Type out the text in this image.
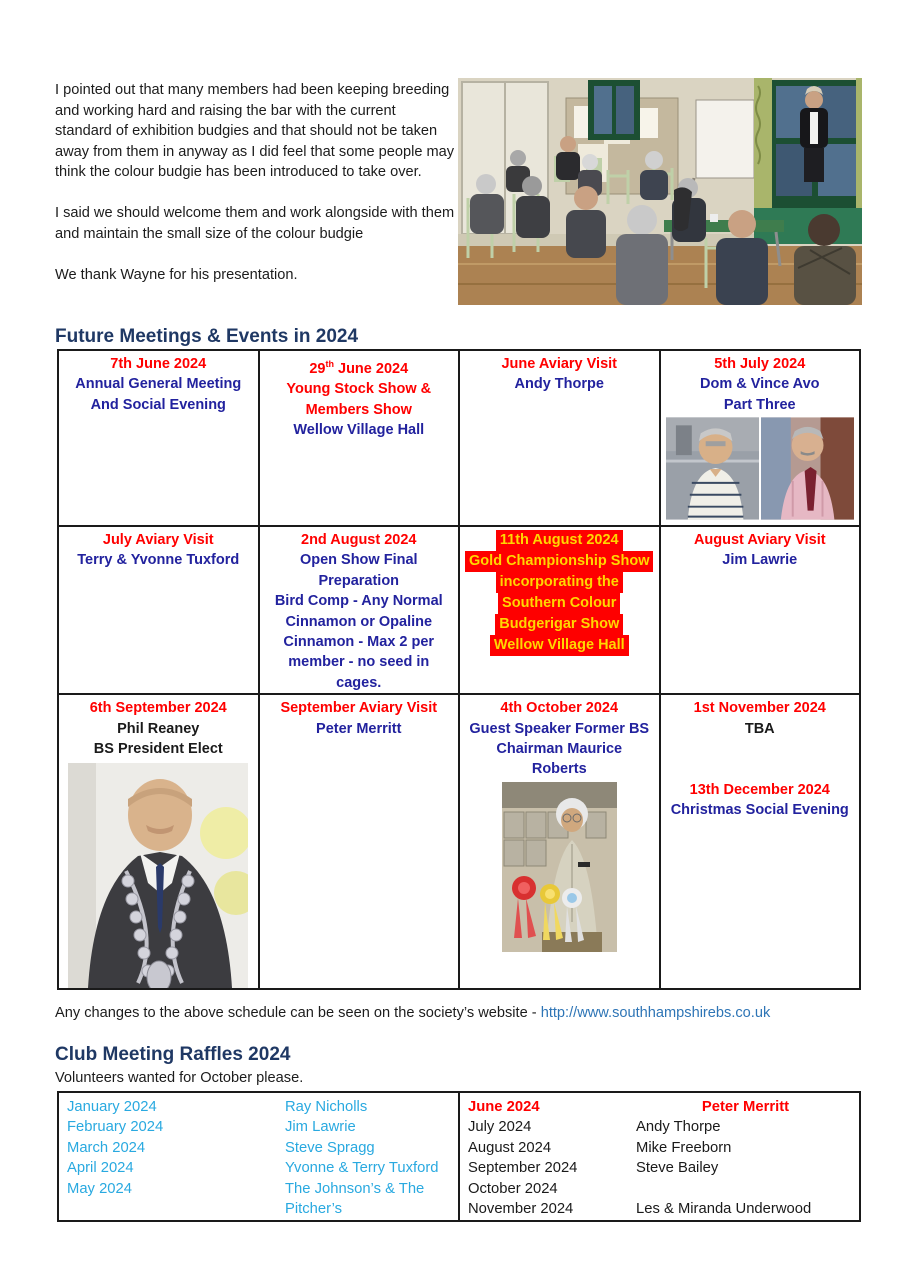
I pointed out that many members had been keeping breeding and working hard and raising the bar with the current standard of exhibition budgies and that should not be taken away from them in anyway as I did feel that some people may think the colour budgie has been introduced to take over.

I said we should welcome them and work alongside with them and maintain the small size of the colour budgie

We thank Wayne for his presentation.

Future Meetings & Events in 2024
7th June 2024
Annual General Meeting
And Social Evening

29th June 2024
Young Stock Show &
Members Show
Wellow Village Hall

June Aviary Visit
Andy Thorpe

5th July 2024
Dom & Vince Avo
Part Three

July Aviary Visit
Terry & Yvonne Tuxford

2nd August 2024
Open Show Final
Preparation
Bird Comp - Any Normal
Cinnamon or Opaline
Cinnamon - Max 2 per
member - no seed in
cages.

11th August 2024
Gold Championship Show
incorporating the
Southern Colour
Budgerigar Show
Wellow Village Hall

August Aviary Visit
Jim Lawrie

6th September 2024
Phil Reaney
BS President Elect

September Aviary Visit
Peter Merritt

4th October 2024
Guest Speaker Former BS
Chairman Maurice
Roberts

1st November 2024
TBA
13th December 2024
Christmas Social Evening
Any changes to the above schedule can be seen on the society’s website - http://www.southhampshirebs.co.uk
Club Meeting Raffles 2024
Volunteers wanted for October please.
January 2024	Ray Nicholls
February 2024	Jim Lawrie
March 2024	Steve Spragg
April 2024	Yvonne & Terry Tuxford
May 2024	The Johnson’s & The Pitcher’s
June 2024	Peter Merritt
July 2024	Andy Thorpe
August 2024	Mike Freeborn
September 2024	Steve Bailey
October 2024
November 2024	Les & Miranda Underwood
